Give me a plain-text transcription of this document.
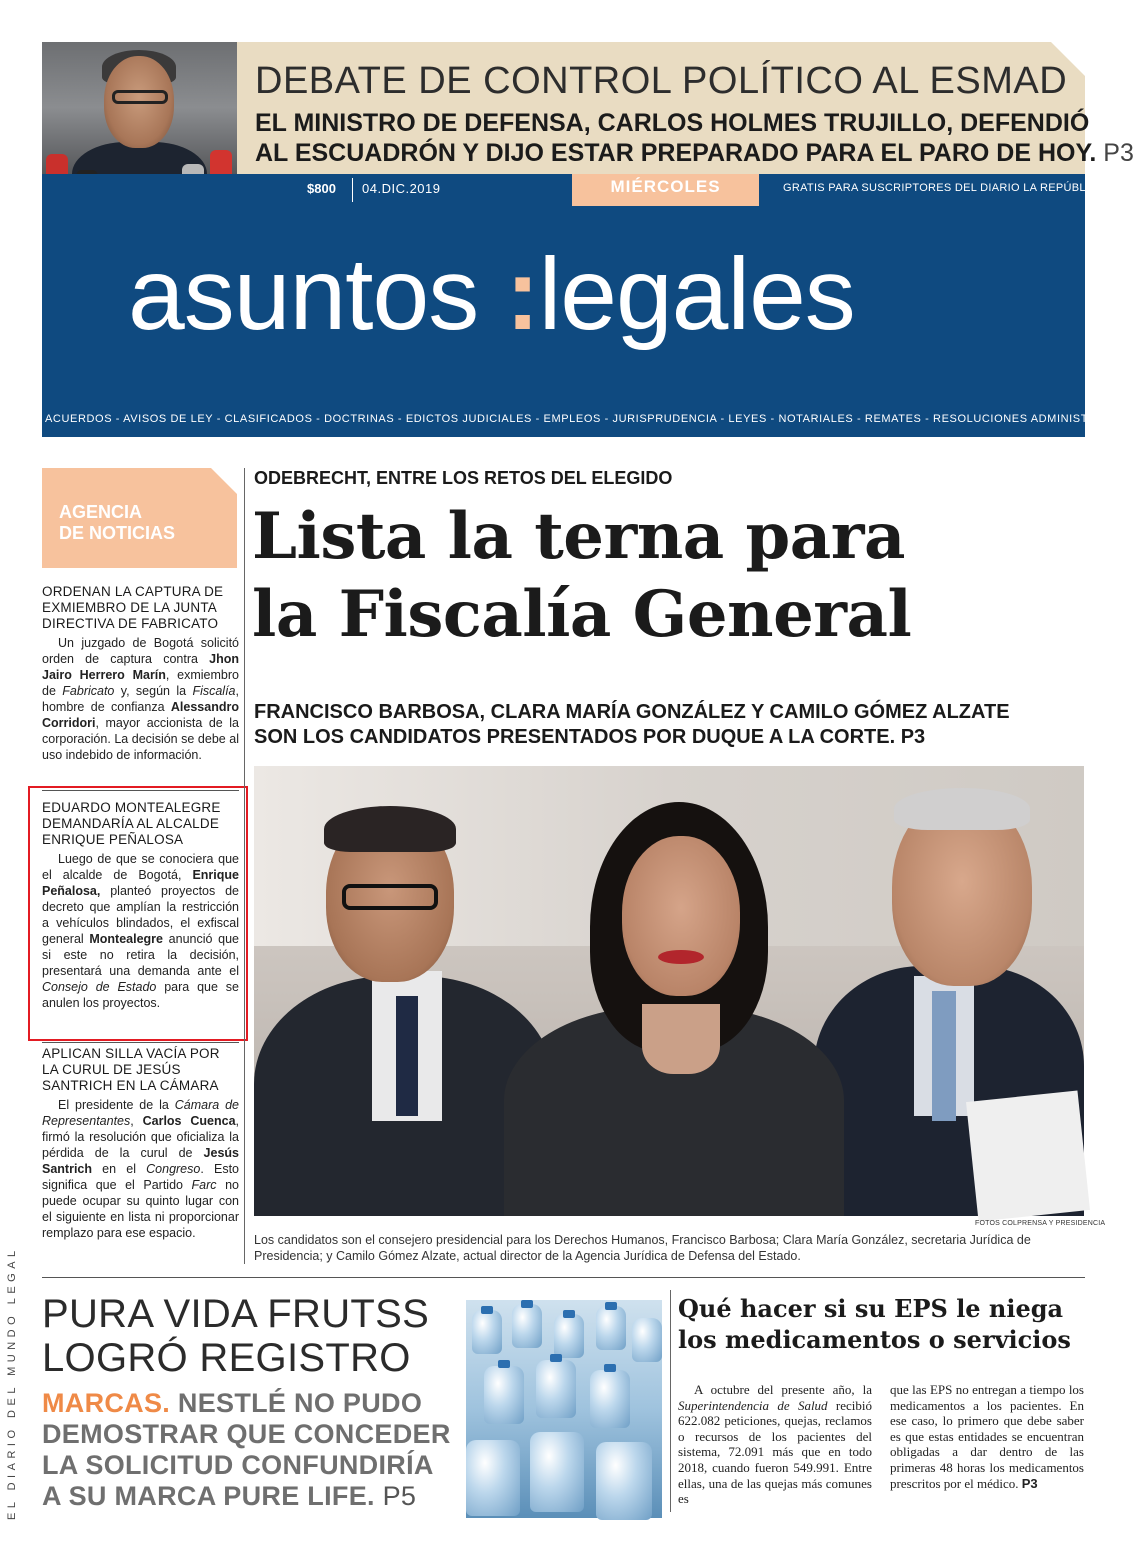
DEBATE DE CONTROL POLÍTICO AL ESMAD
EL MINISTRO DE DEFENSA, CARLOS HOLMES TRUJILLO, DEFENDIÓ
AL ESCUADRÓN Y DIJO ESTAR PREPARADO PARA EL PARO DE HOY. P3
$800 04.DIC.2019	MIÉRCOLES	GRATIS PARA SUSCRIPTORES DEL DIARIO LA REPÚBLICA
asuntos :legales
ACUERDOS - AVISOS DE LEY - CLASIFICADOS - DOCTRINAS - EDICTOS JUDICIALES - EMPLEOS - JURISPRUDENCIA - LEYES - NOTARIALES - REMATES - RESOLUCIONES ADMINISTRATIVAS
AGENCIA
DE NOTICIAS
ORDENAN LA CAPTURA DE EXMIEMBRO DE LA JUNTA DIRECTIVA DE FABRICATO

Un juzgado de Bogotá solicitó orden de captura contra Jhon Jairo Herrero Marín, exmiembro de Fabricato y, según la Fiscalía, hombre de confianza Alessandro Corridori, mayor accionista de la corporación. La decisión se debe al uso indebido de información.

EDUARDO MONTEALEGRE DEMANDARÍA AL ALCALDE ENRIQUE PEÑALOSA

Luego de que se conociera que el alcalde de Bogotá, Enrique Peñalosa, planteó proyectos de decreto que amplían la restricción a vehículos blindados, el exfiscal general Montealegre anunció que si este no retira la decisión, presentará una demanda ante el Consejo de Estado para que se anulen los proyectos.

APLICAN SILLA VACÍA POR LA CURUL DE JESÚS SANTRICH EN LA CÁMARA

El presidente de la Cámara de Representantes, Carlos Cuenca, firmó la resolución que oficializa la pérdida de la curul de Jesús Santrich en el Congreso. Esto significa que el Partido Farc no puede ocupar su quinto lugar con el siguiente en lista ni proporcionar remplazo para ese espacio.

EL DIARIO DEL MUNDO LEGAL
ODEBRECHT, ENTRE LOS RETOS DEL ELEGIDO
Lista la terna para
la Fiscalía General
FRANCISCO BARBOSA, CLARA MARÍA GONZÁLEZ Y CAMILO GÓMEZ ALZATE
SON LOS CANDIDATOS PRESENTADOS POR DUQUE A LA CORTE. P3
FOTOS COLPRENSA Y PRESIDENCIA
Los candidatos son el consejero presidencial para los Derechos Humanos, Francisco Barbosa; Clara María González, secretaria Jurídica de Presidencia; y Camilo Gómez Alzate, actual director de la Agencia Jurídica de Defensa del Estado.
PURA VIDA FRUTSS
LOGRÓ REGISTRO
MARCAS. NESTLÉ NO PUDO
DEMOSTRAR QUE CONCEDER
LA SOLICITUD CONFUNDIRÍA
A SU MARCA PURE LIFE. P5
Qué hacer si su EPS le niega
los medicamentos o servicios
A octubre del presente año, la Superintendencia de Salud recibió 622.082 peticiones, quejas, reclamos o recursos de los pacientes del sistema, 72.091 más que en todo 2018, cuando fueron 549.991. Entre ellas, una de las quejas más comunes es
que las EPS no entregan a tiempo los medicamentos a los pacientes. En ese caso, lo primero que debe saber es que estas entidades se encuentran obligadas a dar dentro de las primeras 48 horas los medicamentos prescritos por el médico. P3
